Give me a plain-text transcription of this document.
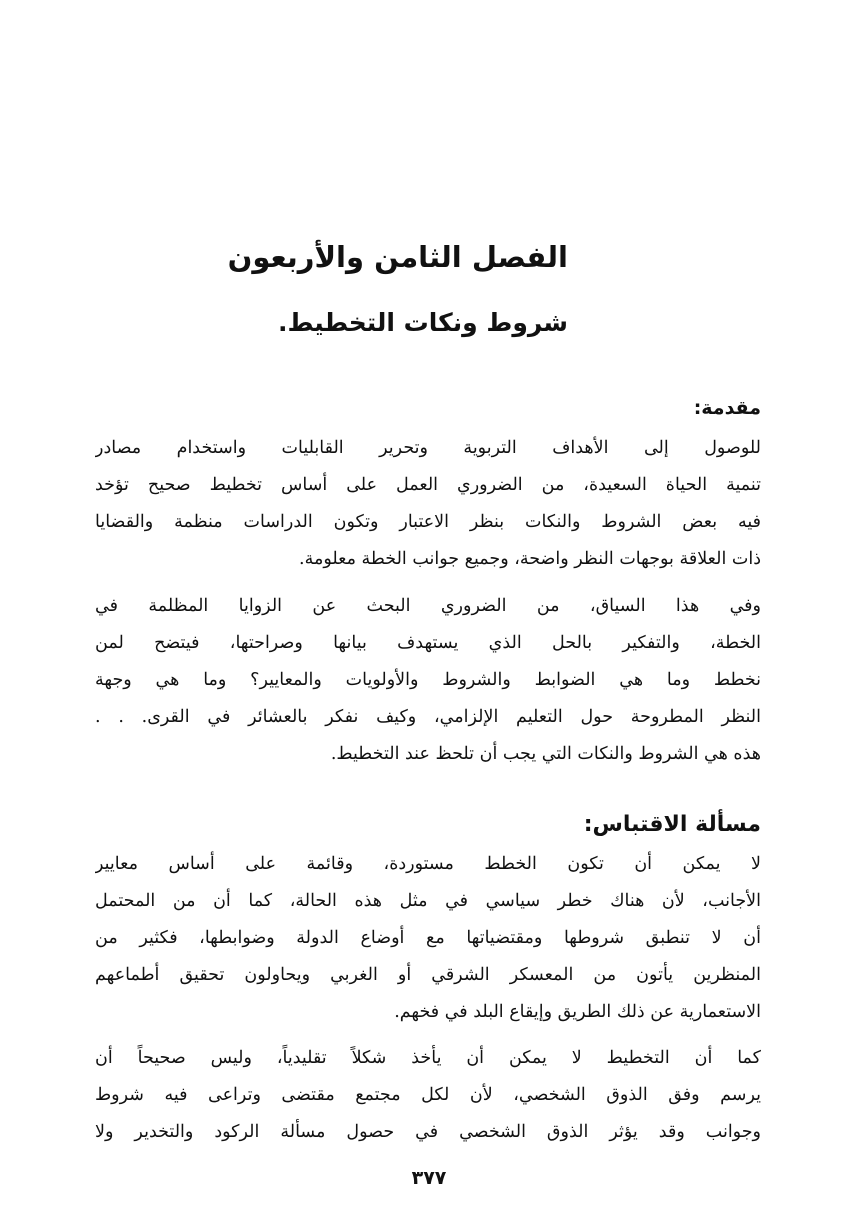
الفصل الثامن والأربعون
شروط ونكات التخطيط.
مقدمة:
للوصول إلى الأهداف التربوية وتحرير القابليات واستخدام مصادر
تنمية الحياة السعيدة، من الضروري العمل على أساس تخطيط صحيح تؤخد
فيه بعض الشروط والنكات بنظر الاعتبار وتكون الدراسات منظمة والقضايا
ذات العلاقة بوجهات النظر واضحة، وجميع جوانب الخطة معلومة.
وفي هذا السياق، من الضروري البحث عن الزوايا المظلمة في
الخطة، والتفكير بالحل الذي يستهدف بيانها وصراحتها، فيتضح لمن
نخطط وما هي الضوابط والشروط والأولويات والمعايير؟ وما هي وجهة
النظر المطروحة حول التعليم الإلزامي، وكيف نفكر بالعشائر في القرى. . .
هذه هي الشروط والنكات التي يجب أن تلحظ عند التخطيط.
مسألة الاقتباس:
لا يمكن أن تكون الخطط مستوردة، وقائمة على أساس معايير
الأجانب، لأن هناك خطر سياسي في مثل هذه الحالة، كما أن من المحتمل
أن لا تنطبق شروطها ومقتضياتها مع أوضاع الدولة وضوابطها، فكثير من
المنظرين يأتون من المعسكر الشرقي أو الغربي ويحاولون تحقيق أطماعهم
الاستعمارية عن ذلك الطريق وإيقاع البلد في فخهم.
كما أن التخطيط لا يمكن أن يأخذ شكلاً تقليدياً، وليس صحيحاً أن
يرسم وفق الذوق الشخصي، لأن لكل مجتمع مقتضى وتراعى فيه شروط
وجوانب وقد يؤثر الذوق الشخصي في حصول مسألة الركود والتخدير ولا
٣٧٧
